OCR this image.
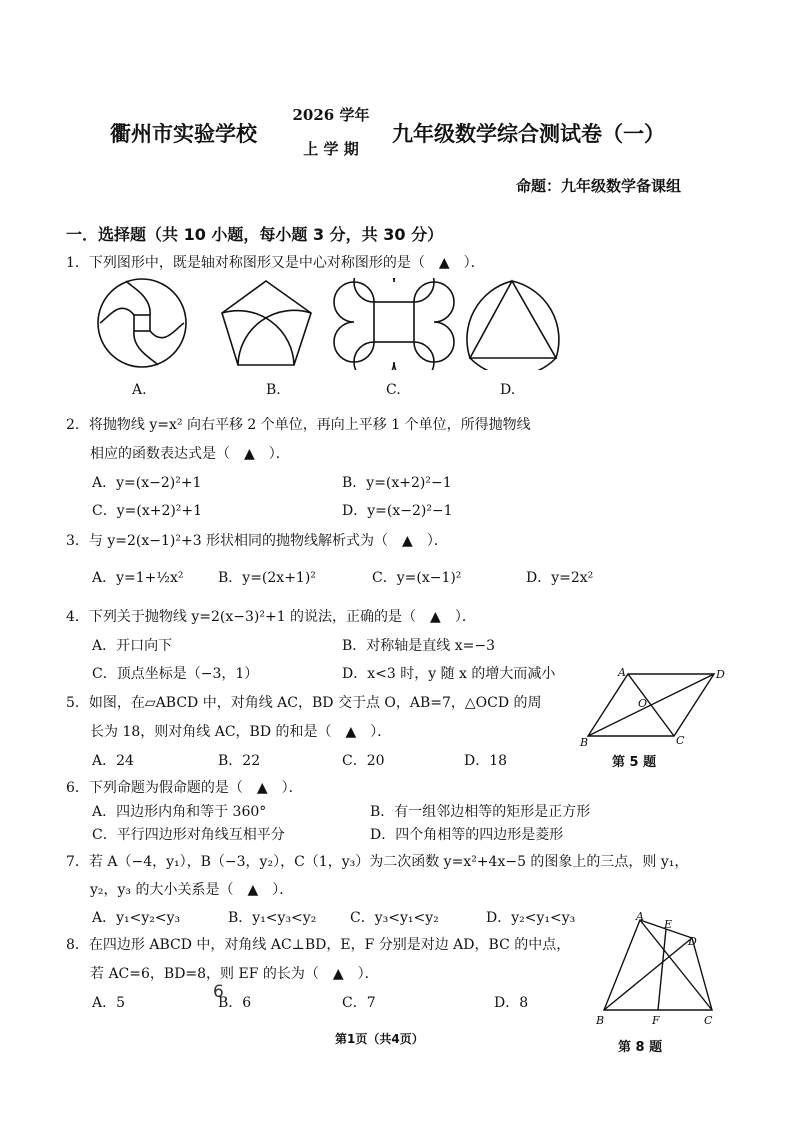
衢州市实验学校
2026 学年
上 学 期
九年级数学综合测试卷（一）
命题：九年级数学备课组
一．选择题（共 10 小题，每小题 3 分，共 30 分）
1．下列图形中，既是轴对称图形又是中心对称图形的是（　▲　）．
A.	B.	C.	D.
2．将抛物线 y=x² 向右平移 2 个单位，再向上平移 1 个单位，所得抛物线
相应的函数表达式是（　▲　）．
A．y=(x−2)²+1	B．y=(x+2)²−1
C．y=(x+2)²+1	D．y=(x−2)²−1
3．与 y=2(x−1)²+3 形状相同的抛物线解析式为（　▲　）．
A．y=1+½x² B．y=(2x+1)²	C．y=(x−1)²	D．y=2x²
4．下列关于抛物线 y=2(x−3)²+1 的说法，正确的是（　▲　）．
A．开口向下	B．对称轴是直线 x=−3
C．顶点坐标是（−3，1）	D．x<3 时，y 随 x 的增大而减小
5．如图，在▱ABCD 中，对角线 AC，BD 交于点 O，AB=7，△OCD 的周
长为 18，则对角线 AC，BD 的和是（　▲　）．
A．24	B．22	C．20	D．18
A	D
O
B	C
第 5 题
6．下列命题为假命题的是（　▲　）．
A．四边形内角和等于 360°	B．有一组邻边相等的矩形是正方形
C．平行四边形对角线互相平分	D．四个角相等的四边形是菱形
7．若 A（−4，y₁），B（−3，y₂），C（1，y₃）为二次函数 y=x²+4x−5 的图象上的三点，则 y₁，
y₂，y₃ 的大小关系是（　▲　）．
A．y₁<y₂<y₃	B．y₁<y₃<y₂ C．y₃<y₁<y₂	D．y₂<y₁<y₃
8．在四边形 ABCD 中，对角线 AC⊥BD，E，F 分别是对边 AD，BC 的中点，
若 AC=6，BD=8，则 EF 的长为（　▲　）．
A．5	B．6	C．7	D．8
A
E
D
B	F	C
6
第 8 题
第1页（共4页）
